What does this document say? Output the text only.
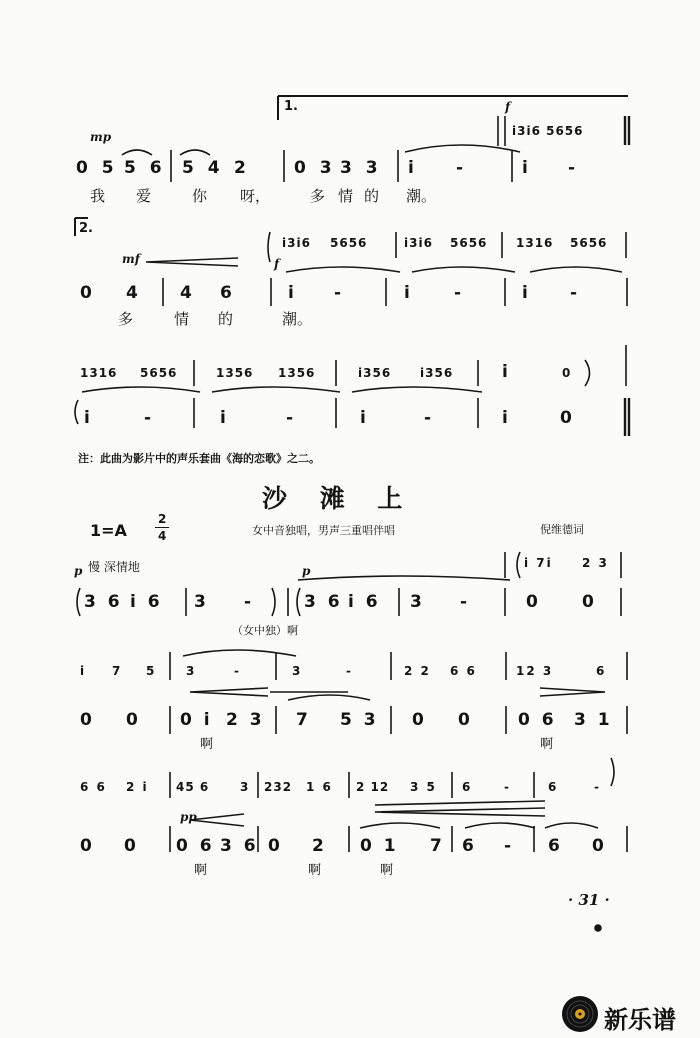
1.
mp
f
i3i6 5656
0 5 5 6 5 4 2	0 3 3 3 i -	i -
我 爱	你 呀，	多 情 的 潮。
2.
mf	f
i3i6 5656	i3i6 5656 1316 5656
0 4 4 6	i -	i	-	i -
多	情 的	潮。
1316 5656	1356 1356	i356 i356	i	0
i	-	i	-	i	-	i	0
注：此曲为影片中的声乐套曲《海的恋歌》之二。
沙 滩 上
1=A
2
4	女中音独唱，男声三重唱伴唱	倪维德词
p 慢 深情地	p
i 7i 2 3
3 6 i 6 3 -	3 6 i 6 3 -	0	0
（女中独）啊
i 7 5	3	-	3	-	2 2 6 6	12 3	6
0 0 0 i 2 3 7 5 3 0 0	0 6 3 1
啊	啊
6 6 2 i 45 6	3 232 1 6 2 12 3 5 6	-	6	-
pp
0 0 0 6 3 6 0 2 0 1 7 6 - 6 0
啊	啊	啊
· 31 ·
新乐谱
